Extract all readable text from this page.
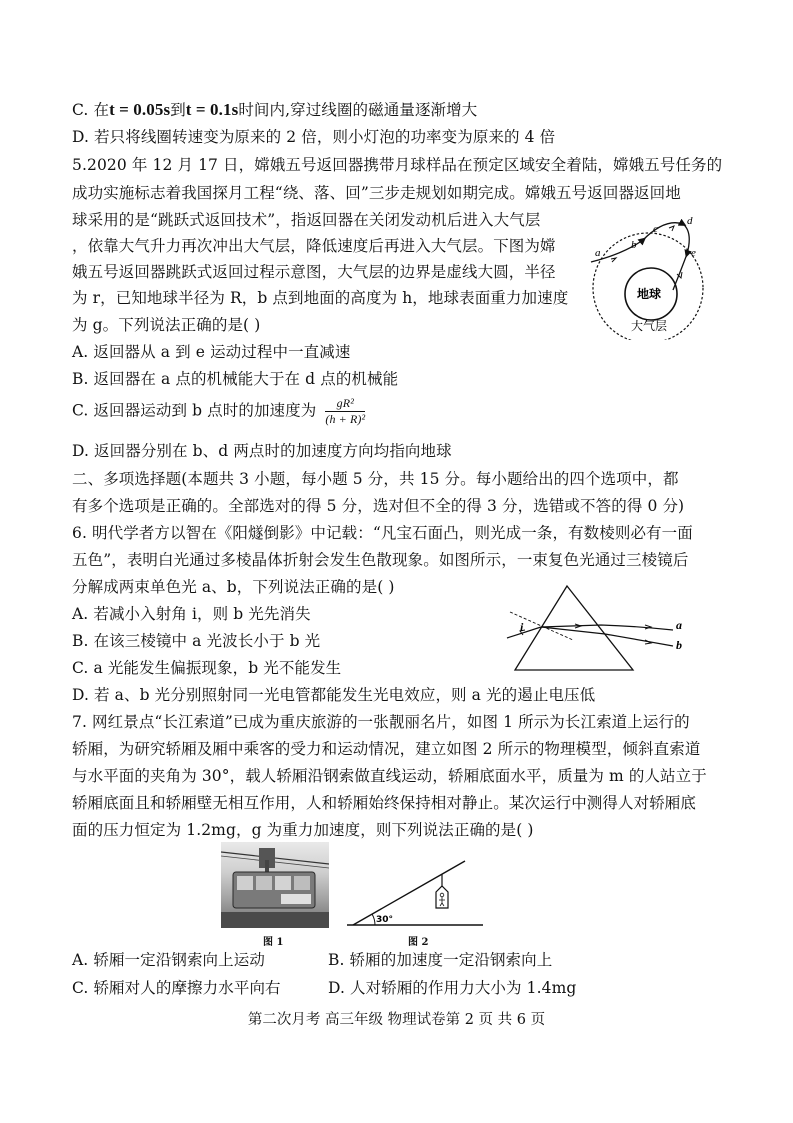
C. 在t = 0.05s到t = 0.1s时间内,穿过线圈的磁通量逐渐增大
D. 若只将线圈转速变为原来的 2 倍，则小灯泡的功率变为原来的 4 倍
5.2020 年 12 月 17 日，嫦娥五号返回器携带月球样品在预定区域安全着陆，嫦娥五号任务的
成功实施标志着我国探月工程“绕、落、回”三步走规划如期完成。嫦娥五号返回器返回地
球采用的是“跳跃式返回技术”，指返回器在关闭发动机后进入大气层
，依靠大气升力再次冲出大气层，降低速度后再进入大气层。下图为嫦
娥五号返回器跳跃式返回过程示意图，大气层的边界是虚线大圆，半径
为 r，已知地球半径为 R，b 点到地面的高度为 h，地球表面重力加速度
为 g。下列说法正确的是( )
A. 返回器从 a 到 e 运动过程中一直减速
B. 返回器在 a 点的机械能大于在 d 点的机械能
C. 返回器运动到 b 点时的加速度为 $\frac{\text{gR²}}{\text{(h + R)²}}$
D. 返回器分别在 b、d 两点时的加速度方向均指向地球
二、多项选择题(本题共 3 小题，每小题 5 分，共 15 分。每小题给出的四个选项中，都
有多个选项是正确的。全部选对的得 5 分，选对但不全的得 3 分，选错或不答的得 0 分)
6. 明代学者方以智在《阳燧倒影》中记载：“凡宝石面凸，则光成一条，有数棱则必有一面
五色”，表明白光通过多棱晶体折射会发生色散现象。如图所示，一束复色光通过三棱镜后
分解成两束单色光 a、b，下列说法正确的是( )
A. 若减小入射角 i，则 b 光先消失
B. 在该三棱镜中 a 光波长小于 b 光
C. a 光能发生偏振现象，b 光不能发生
D. 若 a、b 光分别照射同一光电管都能发生光电效应，则 a 光的遏止电压低
7. 网红景点“长江索道”已成为重庆旅游的一张靓丽名片，如图 1 所示为长江索道上运行的
轿厢，为研究轿厢及厢中乘客的受力和运动情况，建立如图 2 所示的物理模型，倾斜直索道
与水平面的夹角为 30°，载人轿厢沿钢索做直线运动，轿厢底面水平，质量为 m 的人站立于
轿厢底面且和轿厢壁无相互作用，人和轿厢始终保持相对静止。某次运行中测得人对轿厢底
面的压力恒定为 1.2mg，g 为重力加速度，则下列说法正确的是( )
A. 轿厢一定沿钢索向上运动	B. 轿厢的加速度一定沿钢索向上
C. 轿厢对人的摩擦力水平向右	D. 人对轿厢的作用力大小为 1.4mg
a
b
c
d
e
地球
大气层
i	a
b
图 1
30°
图 2
第二次月考 高三年级 物理试卷第 2 页 共 6 页
